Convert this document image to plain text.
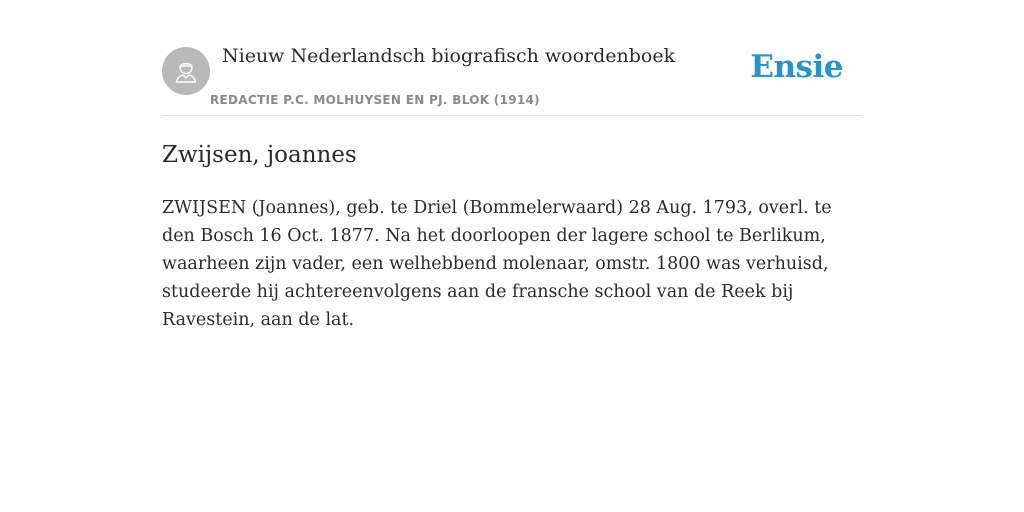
Nieuw Nederlandsch biografisch woordenboek
REDACTIE P.C. MOLHUYSEN EN PJ. BLOK (1914)
Ensie
Zwijsen, joannes

ZWIJSEN (Joannes), geb. te Driel (Bommelerwaard) 28 Aug. 1793, overl. te den Bosch 16 Oct. 1877. Na het doorloopen der lagere school te Berlikum, waarheen zijn vader, een welhebbend molenaar, omstr. 1800 was verhuisd, studeerde hij achtereenvolgens aan de fransche school van de Reek bij Ravestein, aan de lat.
